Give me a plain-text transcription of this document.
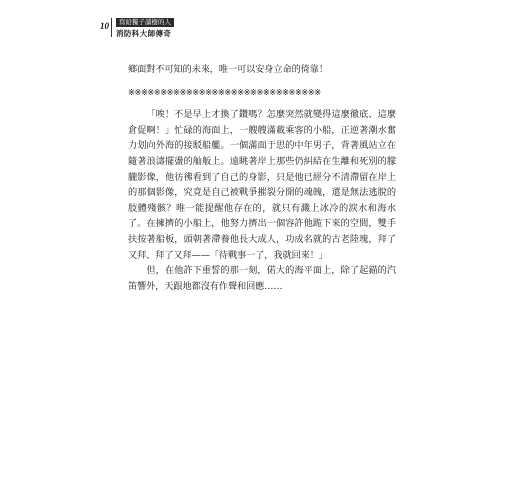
10	寫給獨子讀樹的人
消防科大師傳奇

鄉面對不可知的未來，唯一可以安身立命的倚靠！

※※※※※※※※※※※※※※※※※※※※※※※※※※※※※※

「唉！不是早上才換了鑽嗎？怎麼突然就變得這麼徹底、這麼倉促啊！」忙碌的海面上，一艘艘滿載乘客的小船，正逆著潮水奮力划向外海的接駁船艦。一個滿面于思的中年男子，背著風站立在隨著浪濤擺盪的舢舨上。遠眺著岸上那些仍糾結在生離和死別的朦朧影像，他彷彿看到了自己的身影，只是他已經分不清滯留在岸上的那個影像，究竟是自己被戰爭摧裂分開的魂魄，還是無法逃脫的肢體殘骸？唯一能提醒他存在的，就只有濺上冰冷的淚水和海水了。在擁擠的小船上，他努力擠出一個容許他跪下來的空間，雙手扶按著船板，頭朝著滯養他長大成人，功成名就的古老陸塊，拜了又拜、拜了又拜——「待戰事一了，我就回來！」

但，在他許下重誓的那一刻，偌大的海平面上，除了起錨的汽笛響外，天跟地都沒有作聲和回應……
